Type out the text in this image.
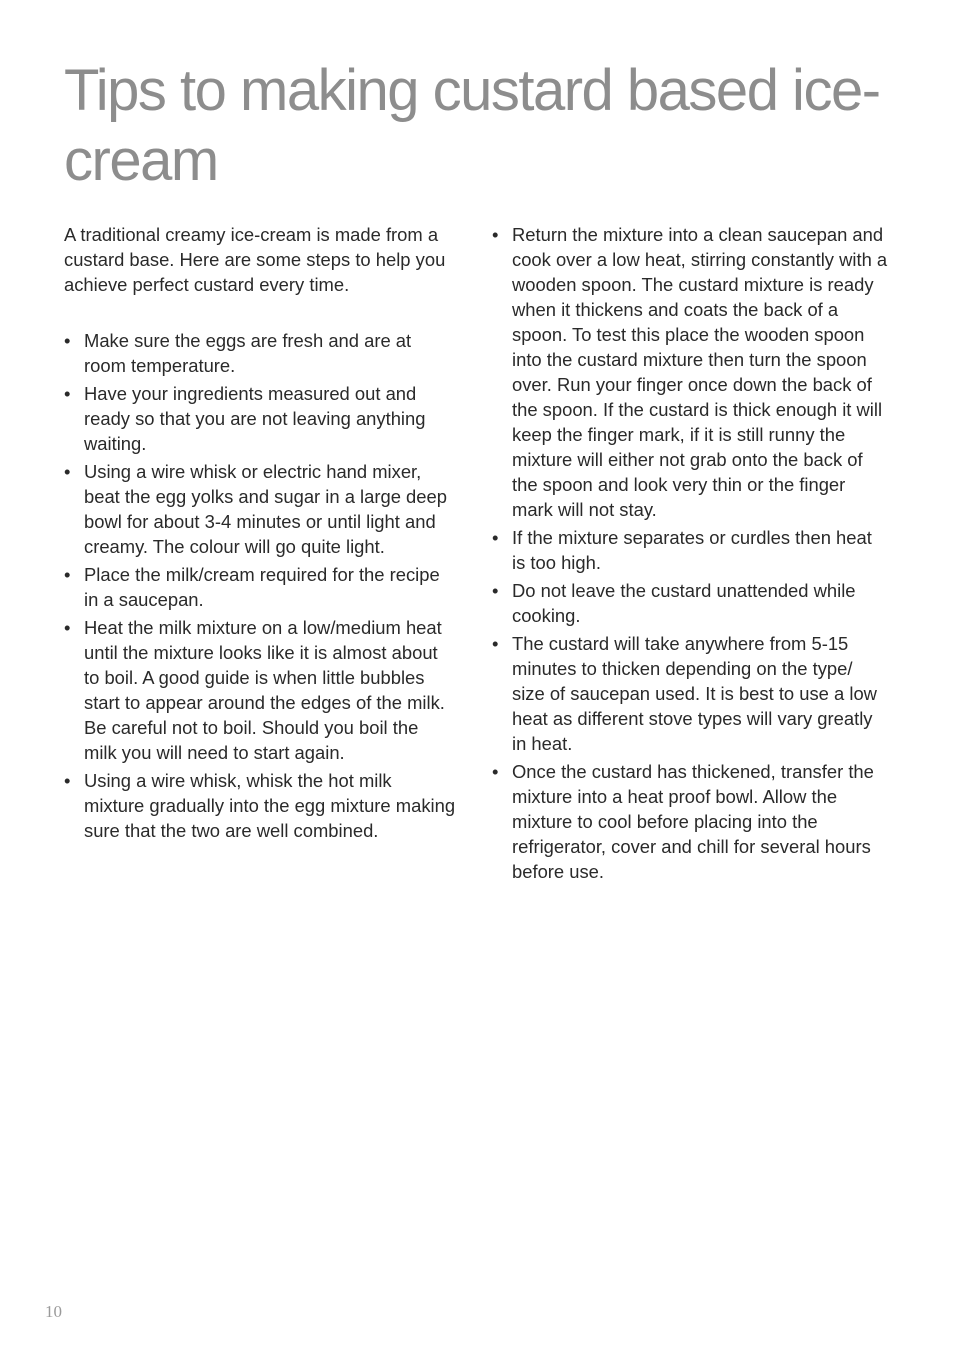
Tips to making custard based ice-cream

A traditional creamy ice-cream is made from a custard base. Here are some steps to help you achieve perfect custard every time.

• Make sure the eggs are fresh and are at room temperature.
• Have your ingredients measured out and ready so that you are not leaving anything waiting.
• Using a wire whisk or electric hand mixer, beat the egg yolks and sugar in a large deep bowl for about 3-4 minutes or until light and creamy. The colour will go quite light.
• Place the milk/cream required for the recipe in a saucepan.
• Heat the milk mixture on a low/medium heat until the mixture looks like it is almost about to boil. A good guide is when little bubbles start to appear around the edges of the milk. Be careful not to boil. Should you boil the milk you will need to start again.
• Using a wire whisk, whisk the hot milk mixture gradually into the egg mixture making sure that the two are well combined.
• Return the mixture into a clean saucepan and cook over a low heat, stirring constantly with a wooden spoon. The custard mixture is ready when it thickens and coats the back of a spoon. To test this place the wooden spoon into the custard mixture then turn the spoon over. Run your finger once down the back of the spoon. If the custard is thick enough it will keep the finger mark, if it is still runny the mixture will either not grab onto the back of the spoon and look very thin or the finger mark will not stay.
• If the mixture separates or curdles then heat is too high.
• Do not leave the custard unattended while cooking.
• The custard will take anywhere from 5-15 minutes to thicken depending on the type/ size of saucepan used. It is best to use a low heat as different stove types will vary greatly in heat.
• Once the custard has thickened, transfer the mixture into a heat proof bowl. Allow the mixture to cool before placing into the refrigerator, cover and chill for several hours before use.
10
